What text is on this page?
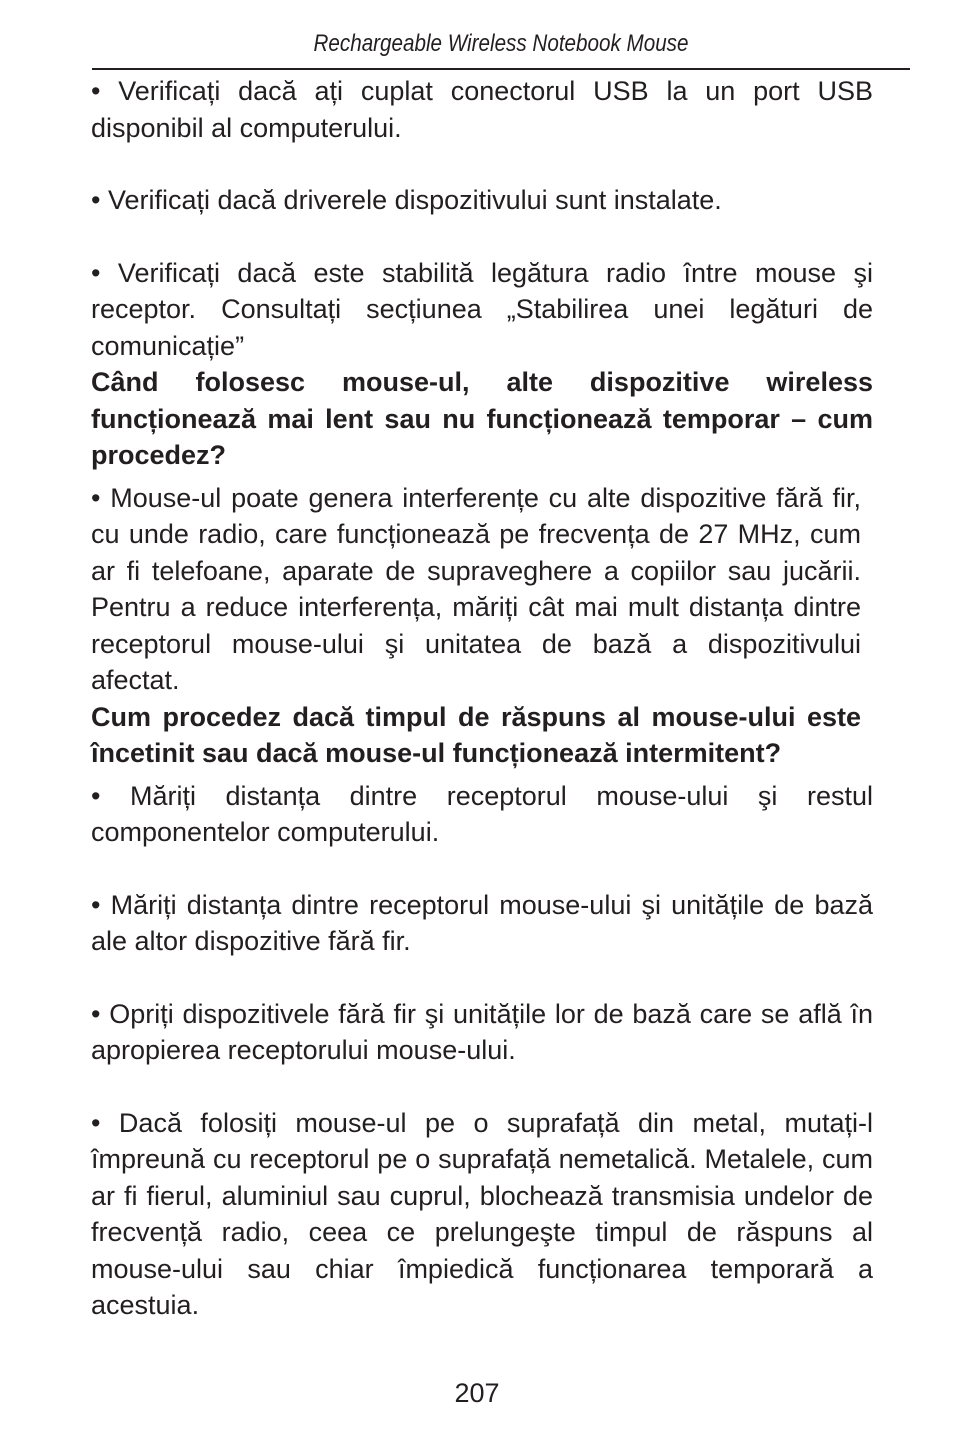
Rechargeable Wireless Notebook Mouse

• Verificați dacă ați cuplat conectorul USB la un port USB disponibil al computerului.

• Verificați dacă driverele dispozitivului sunt instalate.

• Verificați dacă este stabilită legătura radio între mouse şi receptor. Consultați secțiunea „Stabilirea unei legături de comunicație”

Când folosesc mouse-ul, alte dispozitive wireless funcționează mai lent sau nu funcționează temporar – cum procedez?

• Mouse-ul poate genera interferențe cu alte dispozitive fără fir, cu unde radio, care funcționează pe frecvența de 27 MHz, cum ar fi telefoane, aparate de supraveghere a copiilor sau jucării. Pentru a reduce interferența, măriți cât mai mult distanța dintre receptorul mouse-ului şi unitatea de bază a dispozitivului afectat.

Cum procedez dacă timpul de răspuns al mouse-ului este încetinit sau dacă mouse-ul funcționează intermitent?

• Măriți distanța dintre receptorul mouse-ului şi restul componentelor computerului.

• Măriți distanța dintre receptorul mouse-ului şi unitățile de bază ale altor dispozitive fără fir.

• Opriți dispozitivele fără fir şi unitățile lor de bază care se află în apropierea receptorului mouse-ului.

• Dacă folosiți mouse-ul pe o suprafață din metal, mutați-l împreună cu receptorul pe o suprafață nemetalică. Metalele, cum ar fi fierul, aluminiul sau cuprul, blochează transmisia undelor de frecvență radio, ceea ce prelungeşte timpul de răspuns al mouse-ului sau chiar împiedică funcționarea temporară a acestuia.

207
